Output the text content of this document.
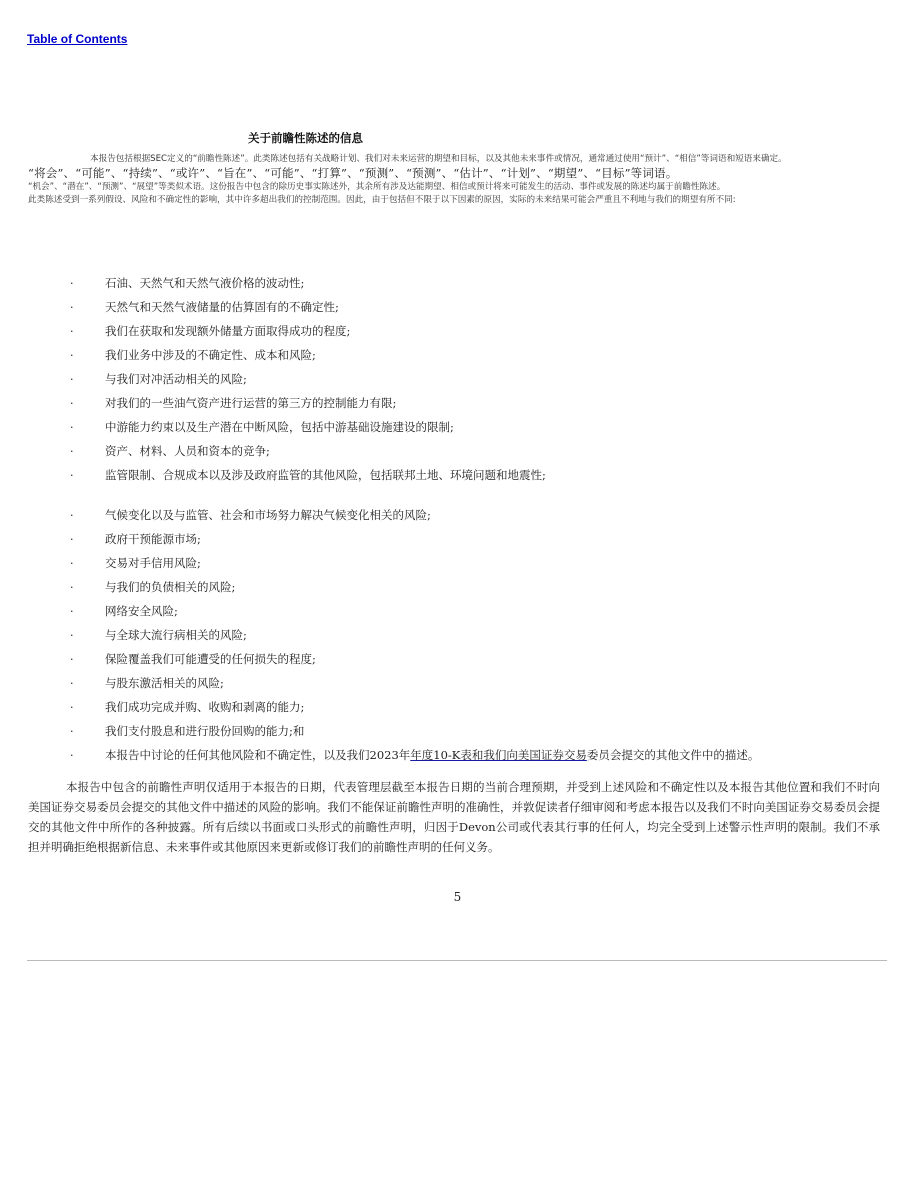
Table of Contents
关于前瞻性陈述的信息
本报告包括根据SEC定义的“前瞻性陈述”。此类陈述包括有关战略计划、我们对未来运营的期望和目标，以及其他未来事件或情况，通常通过使用“预计”、“相信”等词语和短语来确定。
“将会”、“可能”、“持续”、“或许”、“旨在”、“可能”、“打算”、“预测”、“预测”、“估计”、“计划”、“期望”、“目标”等词语。
“机会”、“潜在”、“预测”、“展望”等类似术语。这份报告中包含的除历史事实陈述外，其余所有涉及达能期望、相信或预计将来可能发生的活动、事件或发展的陈述均属于前瞻性陈述。
此类陈述受到一系列假设、风险和不确定性的影响，其中许多超出我们的控制范围。因此，由于包括但不限于以下因素的原因，实际的未来结果可能会严重且不利地与我们的期望有所不同:
·	石油、天然气和天然气液价格的波动性;
·	天然气和天然气液储量的估算固有的不确定性;
·	我们在获取和发现额外储量方面取得成功的程度;
·	我们业务中涉及的不确定性、成本和风险;
·	与我们对冲活动相关的风险;
·	对我们的一些油气资产进行运营的第三方的控制能力有限;
·	中游能力约束以及生产潜在中断风险，包括中游基础设施建设的限制;
·	资产、材料、人员和资本的竞争;
·	监管限制、合规成本以及涉及政府监管的其他风险，包括联邦土地、环境问题和地震性;
·	气候变化以及与监管、社会和市场努力解决气候变化相关的风险;
·	政府干预能源市场;
·	交易对手信用风险;
·	与我们的负债相关的风险;
·	网络安全风险;
·	与全球大流行病相关的风险;
·	保险覆盖我们可能遭受的任何损失的程度;
·	与股东激活相关的风险;
·	我们成功完成并购、收购和剥离的能力;
·	我们支付股息和进行股份回购的能力;和
·	本报告中讨论的任何其他风险和不确定性，以及我们2023年年度10-K表和我们向美国证券交易委员会提交的其他文件中的描述。
本报告中包含的前瞻性声明仅适用于本报告的日期，代表管理层截至本报告日期的当前合理预期，并受到上述风险和不确定性以及本报告其他位置和我们不时向美国证券交易委员会提交的其他文件中描述的风险的影响。我们不能保证前瞻性声明的准确性，并敦促读者仔细审阅和考虑本报告以及我们不时向美国证券交易委员会提交的其他文件中所作的各种披露。所有后续以书面或口头形式的前瞻性声明，归因于Devon公司或代表其行事的任何人，均完全受到上述警示性声明的限制。我们不承担并明确拒绝根据新信息、未来事件或其他原因来更新或修订我们的前瞻性声明的任何义务。
5
